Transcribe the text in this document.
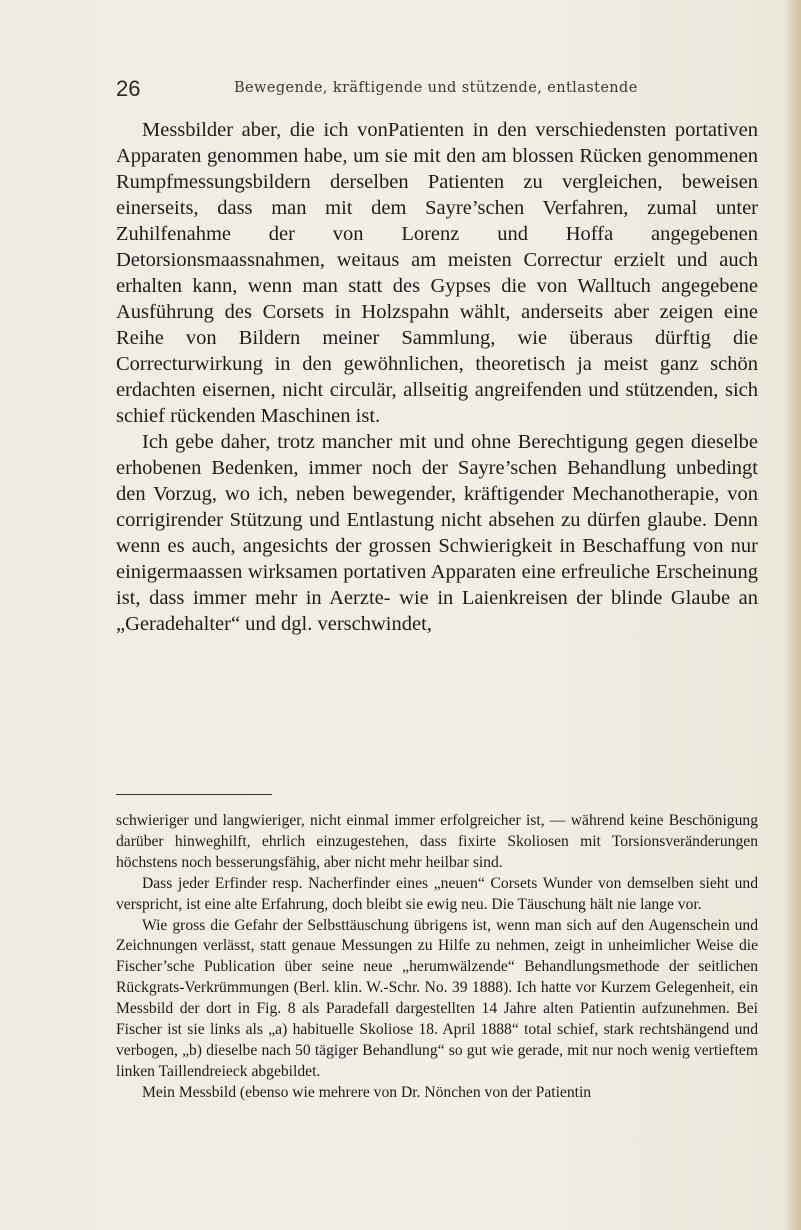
26	Bewegende, kräftigende und stützende, entlastende

Messbilder aber, die ich vonPatienten in den verschiedensten portativen Apparaten genommen habe, um sie mit den am blossen Rücken genommenen Rumpfmessungsbildern derselben Patienten zu vergleichen, beweisen einerseits, dass man mit dem Sayre’schen Verfahren, zumal unter Zuhilfenahme der von Lorenz und Hoffa angegebenen Detorsionsmaassnahmen, weitaus am meisten Correctur erzielt und auch erhalten kann, wenn man statt des Gypses die von Walltuch angegebene Ausführung des Corsets in Holzspahn wählt, anderseits aber zeigen eine Reihe von Bildern meiner Sammlung, wie überaus dürftig die Correcturwirkung in den gewöhnlichen, theoretisch ja meist ganz schön erdachten eisernen, nicht circulär, allseitig angreifenden und stützenden, sich schief rückenden Maschinen ist.

Ich gebe daher, trotz mancher mit und ohne Berechtigung gegen dieselbe erhobenen Bedenken, immer noch der Sayre’schen Behandlung unbedingt den Vorzug, wo ich, neben bewegender, kräftigender Mechanotherapie, von corrigirender Stützung und Entlastung nicht absehen zu dürfen glaube. Denn wenn es auch, angesichts der grossen Schwierigkeit in Beschaffung von nur einigermaassen wirksamen portativen Apparaten eine erfreuliche Erscheinung ist, dass immer mehr in Aerzte- wie in Laienkreisen der blinde Glaube an „Geradehalter“ und dgl. verschwindet,

schwieriger und langwieriger, nicht einmal immer erfolgreicher ist, — während keine Beschönigung darüber hinweghilft, ehrlich einzugestehen, dass fixirte Skoliosen mit Torsionsveränderungen höchstens noch besserungsfähig, aber nicht mehr heilbar sind.

Dass jeder Erfinder resp. Nacherfinder eines „neuen“ Corsets Wunder von demselben sieht und verspricht, ist eine alte Erfahrung, doch bleibt sie ewig neu. Die Täuschung hält nie lange vor.

Wie gross die Gefahr der Selbsttäuschung übrigens ist, wenn man sich auf den Augenschein und Zeichnungen verlässt, statt genaue Messungen zu Hilfe zu nehmen, zeigt in unheimlicher Weise die Fischer’sche Publication über seine neue „herumwälzende“ Behandlungsmethode der seitlichen Rückgrats-Verkrümmungen (Berl. klin. W.-Schr. No. 39 1888). Ich hatte vor Kurzem Gelegenheit, ein Messbild der dort in Fig. 8 als Paradefall dargestellten 14 Jahre alten Patientin aufzunehmen. Bei Fischer ist sie links als „a) habituelle Skoliose 18. April 1888“ total schief, stark rechtshängend und verbogen, „b) dieselbe nach 50 tägiger Behandlung“ so gut wie gerade, mit nur noch wenig vertieftem linken Taillendreieck abgebildet.

Mein Messbild (ebenso wie mehrere von Dr. Nönchen von der Patientin
